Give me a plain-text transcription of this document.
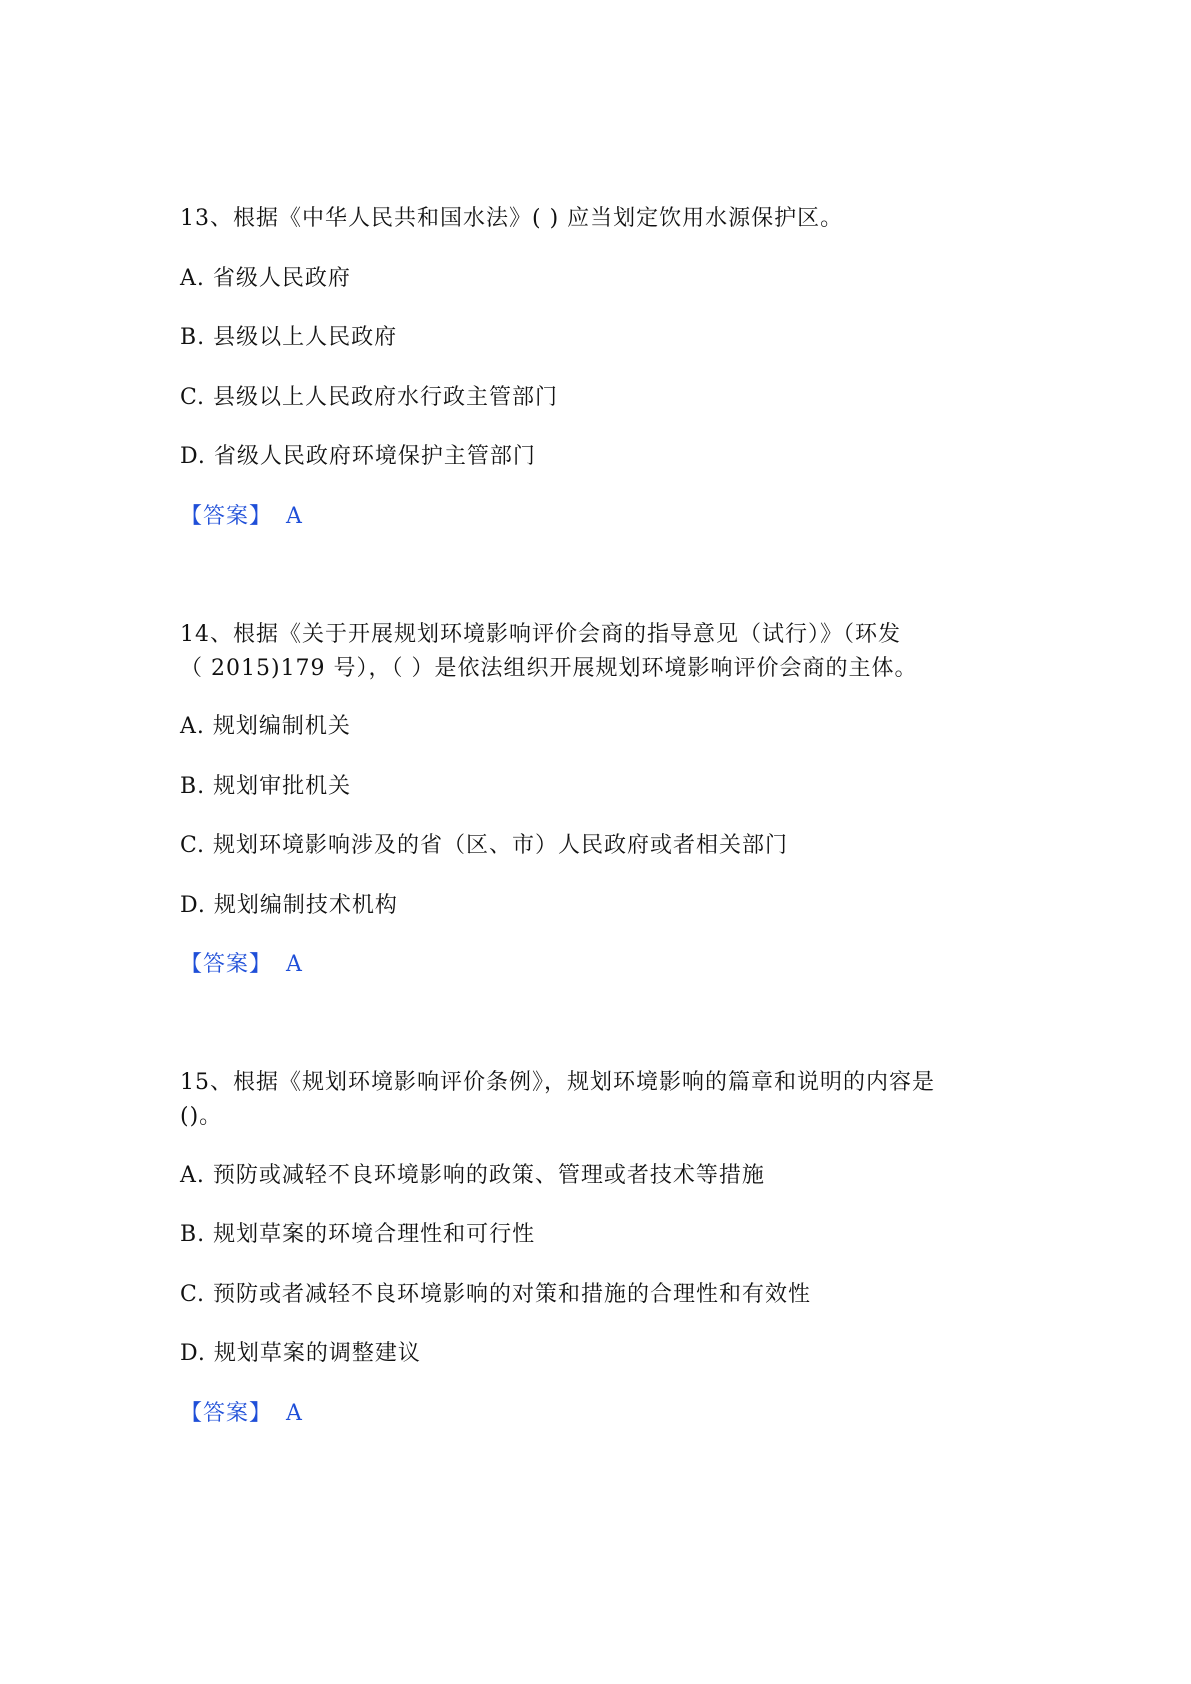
13、根据《中华人民共和国水法》( ) 应当划定饮用水源保护区。
A. 省级人民政府
B. 县级以上人民政府
C. 县级以上人民政府水行政主管部门
D. 省级人民政府环境保护主管部门
【答案】 A
14、根据《关于开展规划环境影响评价会商的指导意见（试行）》（环发
（ 2015)179 号），（ ）是依法组织开展规划环境影响评价会商的主体。
A. 规划编制机关
B. 规划审批机关
C. 规划环境影响涉及的省（区、市）人民政府或者相关部门
D. 规划编制技术机构
【答案】 A
15、根据《规划环境影响评价条例》，规划环境影响的篇章和说明的内容是
()。
A. 预防或减轻不良环境影响的政策、管理或者技术等措施
B. 规划草案的环境合理性和可行性
C. 预防或者减轻不良环境影响的对策和措施的合理性和有效性
D. 规划草案的调整建议
【答案】 A
